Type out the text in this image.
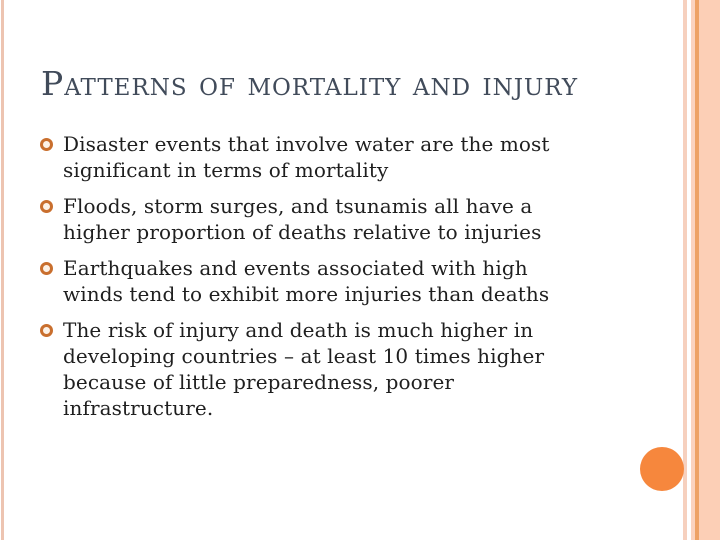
Patterns of mortality and injury
Disaster events that involve water are the most
significant in terms of mortality
Floods, storm surges, and tsunamis all have a
higher proportion of deaths relative to injuries
Earthquakes and events associated with high
winds tend to exhibit more injuries than deaths
The risk of injury and death is much higher in
developing countries – at least 10 times higher
because of little preparedness, poorer
infrastructure.
